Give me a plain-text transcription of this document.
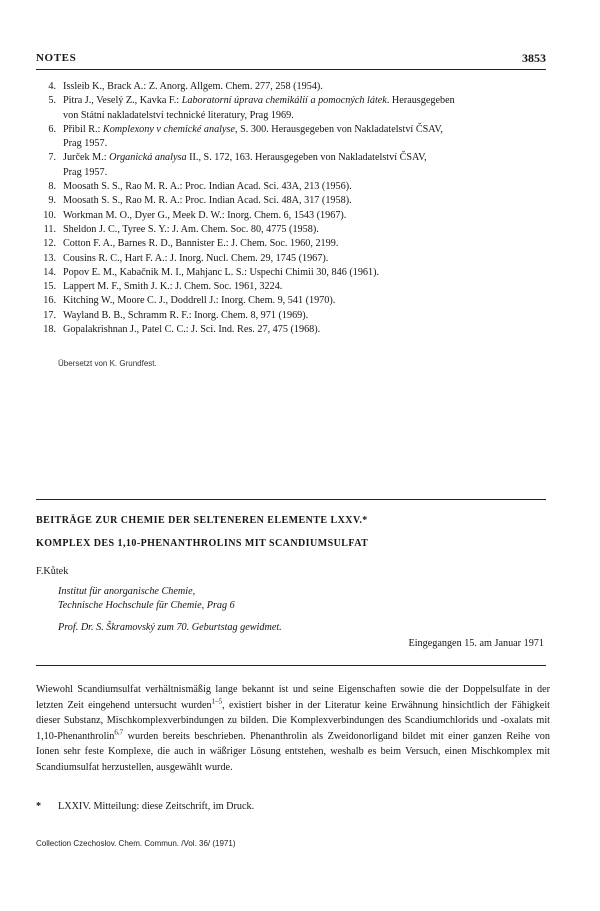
NOTES	3853
4. Issleib K., Brack A.: Z. Anorg. Allgem. Chem. 277, 258 (1954).
5. Pitra J., Veselý Z., Kavka F.: Laboratorní úprava chemikálií a pomocných látek. Herausgegeben
von Státní nakladatelství technické literatury, Prag 1969.
6. Přibil R.: Komplexony v chemické analyse, S. 300. Herausgegeben von Nakladatelství ČSAV,
Prag 1957.
7. Jurček M.: Organická analysa II., S. 172, 163. Herausgegeben von Nakladatelství ČSAV,
Prag 1957.
8. Moosath S. S., Rao M. R. A.: Proc. Indian Acad. Sci. 43A, 213 (1956).
9. Moosath S. S., Rao M. R. A.: Proc. Indian Acad. Sci. 48A, 317 (1958).
10. Workman M. O., Dyer G., Meek D. W.: Inorg. Chem. 6, 1543 (1967).
11. Sheldon J. C., Tyree S. Y.: J. Am. Chem. Soc. 80, 4775 (1958).
12. Cotton F. A., Barnes R. D., Bannister E.: J. Chem. Soc. 1960, 2199.
13. Cousins R. C., Hart F. A.: J. Inorg. Nucl. Chem. 29, 1745 (1967).
14. Popov E. M., Kabačnik M. I., Mahjanc L. S.: Uspechi Chimii 30, 846 (1961).
15. Lappert M. F., Smith J. K.: J. Chem. Soc. 1961, 3224.
16. Kitching W., Moore C. J., Doddrell J.: Inorg. Chem. 9, 541 (1970).
17. Wayland B. B., Schramm R. F.: Inorg. Chem. 8, 971 (1969).
18. Gopalakrishnan J., Patel C. C.: J. Sci. Ind. Res. 27, 475 (1968).
Übersetzt von K. Grundfest.
BEITRÄGE ZUR CHEMIE DER SELTENEREN ELEMENTE LXXV.*
KOMPLEX DES 1,10-PHENANTHROLINS MIT SCANDIUMSULFAT
F.Kůtek
Institut für anorganische Chemie,
Technische Hochschule für Chemie, Prag 6
Prof. Dr. S. Škramovský zum 70. Geburtstag gewidmet.
Eingegangen 15. am Januar 1971

Wiewohl Scandiumsulfat verhältnismäßig lange bekannt ist und seine Eigenschaften sowie die der Doppelsulfate in der letzten Zeit eingehend untersucht wurden$^{1-5}$, existiert bisher in der Literatur keine Erwähnung hinsichtlich der Fähigkeit dieser Substanz, Mischkomplexverbindungen zu bilden. Die Komplexverbindungen des Scandiumchlorids und -oxalats mit 1,10-Phenanthrolin$^{6,7}$ wurden bereits beschrieben. Phenanthrolin als Zweidonorligand bildet mit einer ganzen Reihe von Ionen sehr feste Komplexe, die auch in wäßriger Lösung entstehen, weshalb es beim Versuch, einen Mischkomplex mit Scandiumsulfat herzustellen, ausgewählt wurde.

* LXXIV. Mitteilung: diese Zeitschrift, im Druck.
Collection Czechoslov. Chem. Commun. /Vol. 36/ (1971)
